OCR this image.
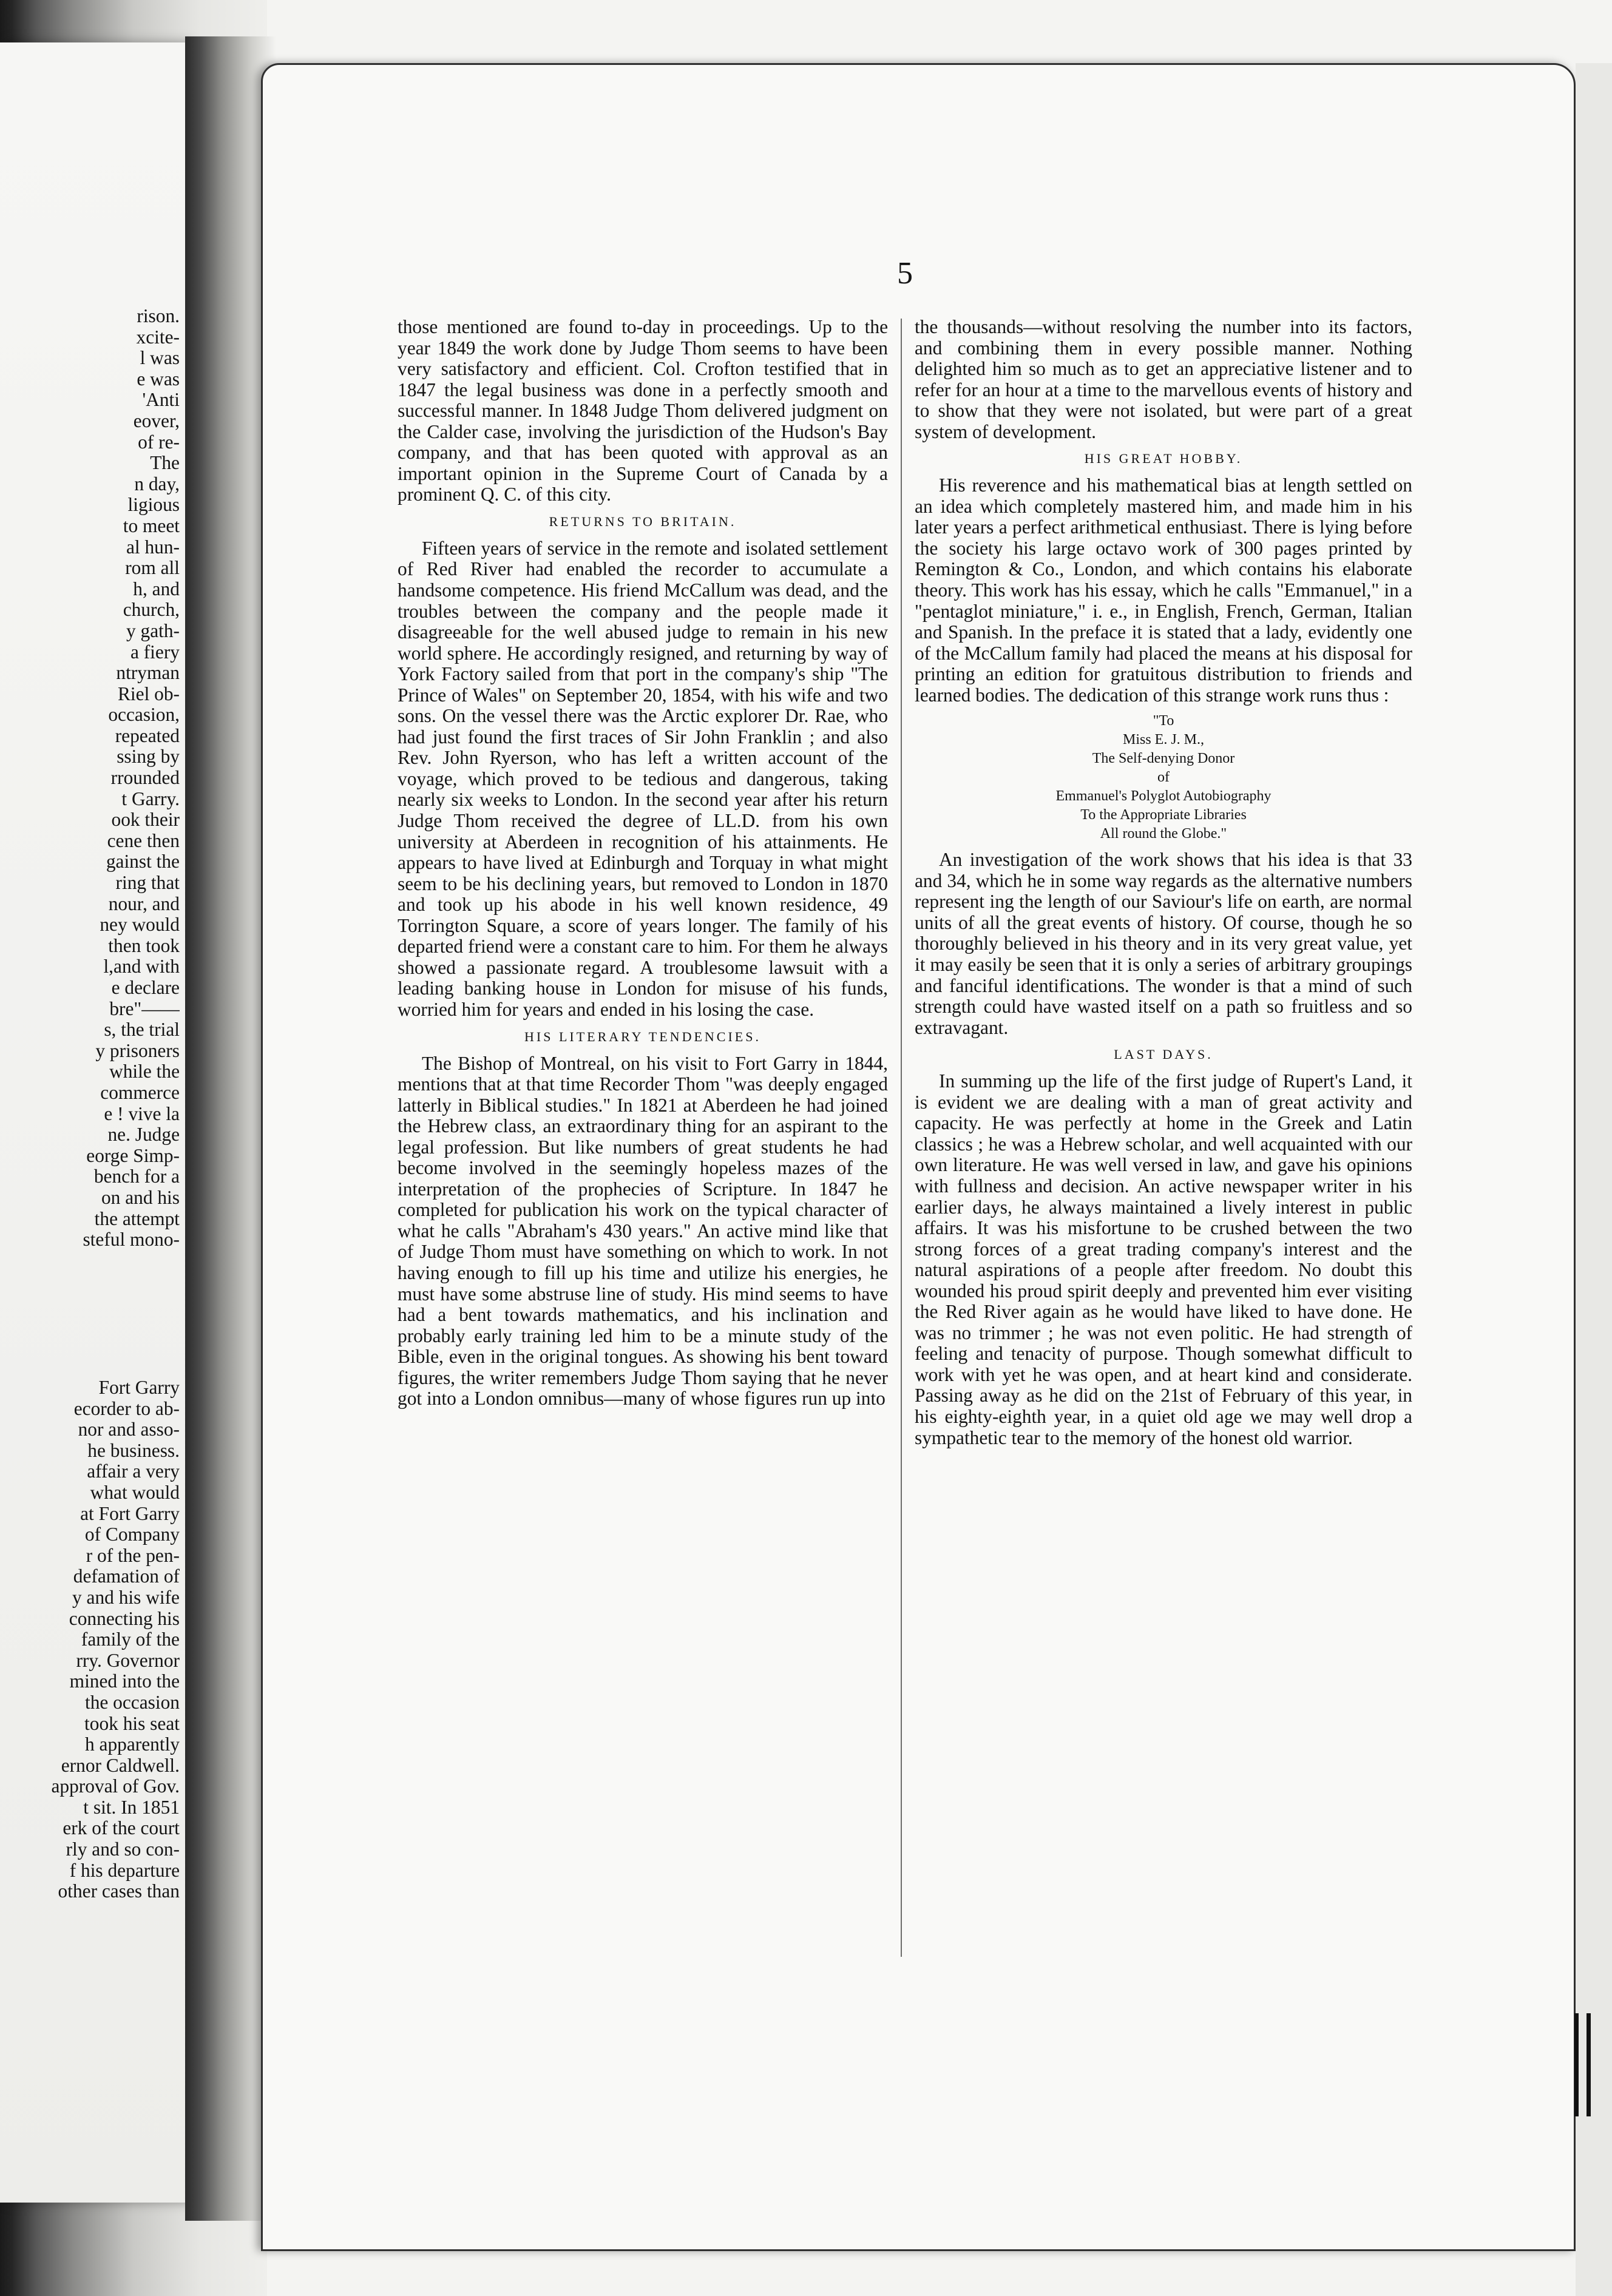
rison.
xcite-
l was
e was
'Anti
eover,
of re-
The
n day,
ligious
to meet
al hun-
rom all
h, and
church,
y gath-
a fiery
ntryman
Riel ob-
occasion,
repeated
ssing by
rrounded
t Garry.
ook their
cene then
gainst the
ring that
nour, and
ney would
then took
l,and with
e declare
bre"——
s, the trial
y prisoners
while the
commerce
e ! vive la
ne. Judge
eorge Simp-
bench for a
on and his
the attempt
steful mono-
Fort Garry
ecorder to ab-
nor and asso-
he business.
affair a very
what would
at Fort Garry
of Company
r of the pen-
defamation of
y and his wife
connecting his
family of the
rry. Governor
mined into the
the occasion
took his seat
h apparently
ernor Caldwell.
approval of Gov.
t sit. In 1851
erk of the court
rly and so con-
f his departure
other cases than
5

those mentioned are found to-day in proceedings. Up to the year 1849 the work done by Judge Thom seems to have been very satisfactory and efficient. Col. Crofton testified that in 1847 the legal business was done in a perfectly smooth and successful manner. In 1848 Judge Thom delivered judgment on the Calder case, involving the jurisdiction of the Hudson's Bay company, and that has been quoted with approval as an important opinion in the Supreme Court of Canada by a prominent Q. C. of this city.

RETURNS TO BRITAIN.

Fifteen years of service in the remote and isolated settlement of Red River had enabled the recorder to accumulate a handsome competence. His friend McCallum was dead, and the troubles between the company and the people made it disagreeable for the well abused judge to remain in his new world sphere. He accordingly resigned, and returning by way of York Factory sailed from that port in the company's ship "The Prince of Wales" on September 20, 1854, with his wife and two sons. On the vessel there was the Arctic explorer Dr. Rae, who had just found the first traces of Sir John Franklin ; and also Rev. John Ryerson, who has left a written account of the voyage, which proved to be tedious and dangerous, taking nearly six weeks to London. In the second year after his return Judge Thom received the degree of LL.D. from his own university at Aberdeen in recognition of his attainments. He appears to have lived at Edinburgh and Torquay in what might seem to be his declining years, but removed to London in 1870 and took up his abode in his well known residence, 49 Torrington Square, a score of years longer. The family of his departed friend were a constant care to him. For them he always showed a passionate regard. A troublesome lawsuit with a leading banking house in London for misuse of his funds, worried him for years and ended in his losing the case.

HIS LITERARY TENDENCIES.

The Bishop of Montreal, on his visit to Fort Garry in 1844, mentions that at that time Recorder Thom "was deeply engaged latterly in Biblical studies." In 1821 at Aberdeen he had joined the Hebrew class, an extraordinary thing for an aspirant to the legal profession. But like numbers of great students he had become involved in the seemingly hopeless mazes of the interpretation of the prophecies of Scripture. In 1847 he completed for publication his work on the typical character of what he calls "Abraham's 430 years." An active mind like that of Judge Thom must have something on which to work. In not having enough to fill up his time and utilize his energies, he must have some abstruse line of study. His mind seems to have had a bent towards mathematics, and his inclination and probably early training led him to be a minute study of the Bible, even in the original tongues. As showing his bent toward figures, the writer remembers Judge Thom saying that he never got into a London omnibus—many of whose figures run up into

the thousands—without resolving the number into its factors, and combining them in every possible manner. Nothing delighted him so much as to get an appreciative listener and to refer for an hour at a time to the marvellous events of history and to show that they were not isolated, but were part of a great system of development.

HIS GREAT HOBBY.

His reverence and his mathematical bias at length settled on an idea which completely mastered him, and made him in his later years a perfect arithmetical enthusiast. There is lying before the society his large octavo work of 300 pages printed by Remington & Co., London, and which contains his elaborate theory. This work has his essay, which he calls "Emmanuel," in a "pentaglot miniature," i. e., in English, French, German, Italian and Spanish. In the preface it is stated that a lady, evidently one of the McCallum family had placed the means at his disposal for printing an edition for gratuitous distribution to friends and learned bodies. The dedication of this strange work runs thus :

"To
Miss E. J. M.,
The Self-denying Donor
of
Emmanuel's Polyglot Autobiography
To the Appropriate Libraries
All round the Globe."

An investigation of the work shows that his idea is that 33 and 34, which he in some way regards as the alternative numbers represent ing the length of our Saviour's life on earth, are normal units of all the great events of history. Of course, though he so thoroughly believed in his theory and in its very great value, yet it may easily be seen that it is only a series of arbitrary groupings and fanciful identifications. The wonder is that a mind of such strength could have wasted itself on a path so fruitless and so extravagant.

LAST DAYS.

In summing up the life of the first judge of Rupert's Land, it is evident we are dealing with a man of great activity and capacity. He was perfectly at home in the Greek and Latin classics ; he was a Hebrew scholar, and well acquainted with our own literature. He was well versed in law, and gave his opinions with fullness and decision. An active newspaper writer in his earlier days, he always maintained a lively interest in public affairs. It was his misfortune to be crushed between the two strong forces of a great trading company's interest and the natural aspirations of a people after freedom. No doubt this wounded his proud spirit deeply and prevented him ever visiting the Red River again as he would have liked to have done. He was no trimmer ; he was not even politic. He had strength of feeling and tenacity of purpose. Though somewhat difficult to work with yet he was open, and at heart kind and considerate. Passing away as he did on the 21st of February of this year, in his eighty-eighth year, in a quiet old age we may well drop a sympathetic tear to the memory of the honest old warrior.
